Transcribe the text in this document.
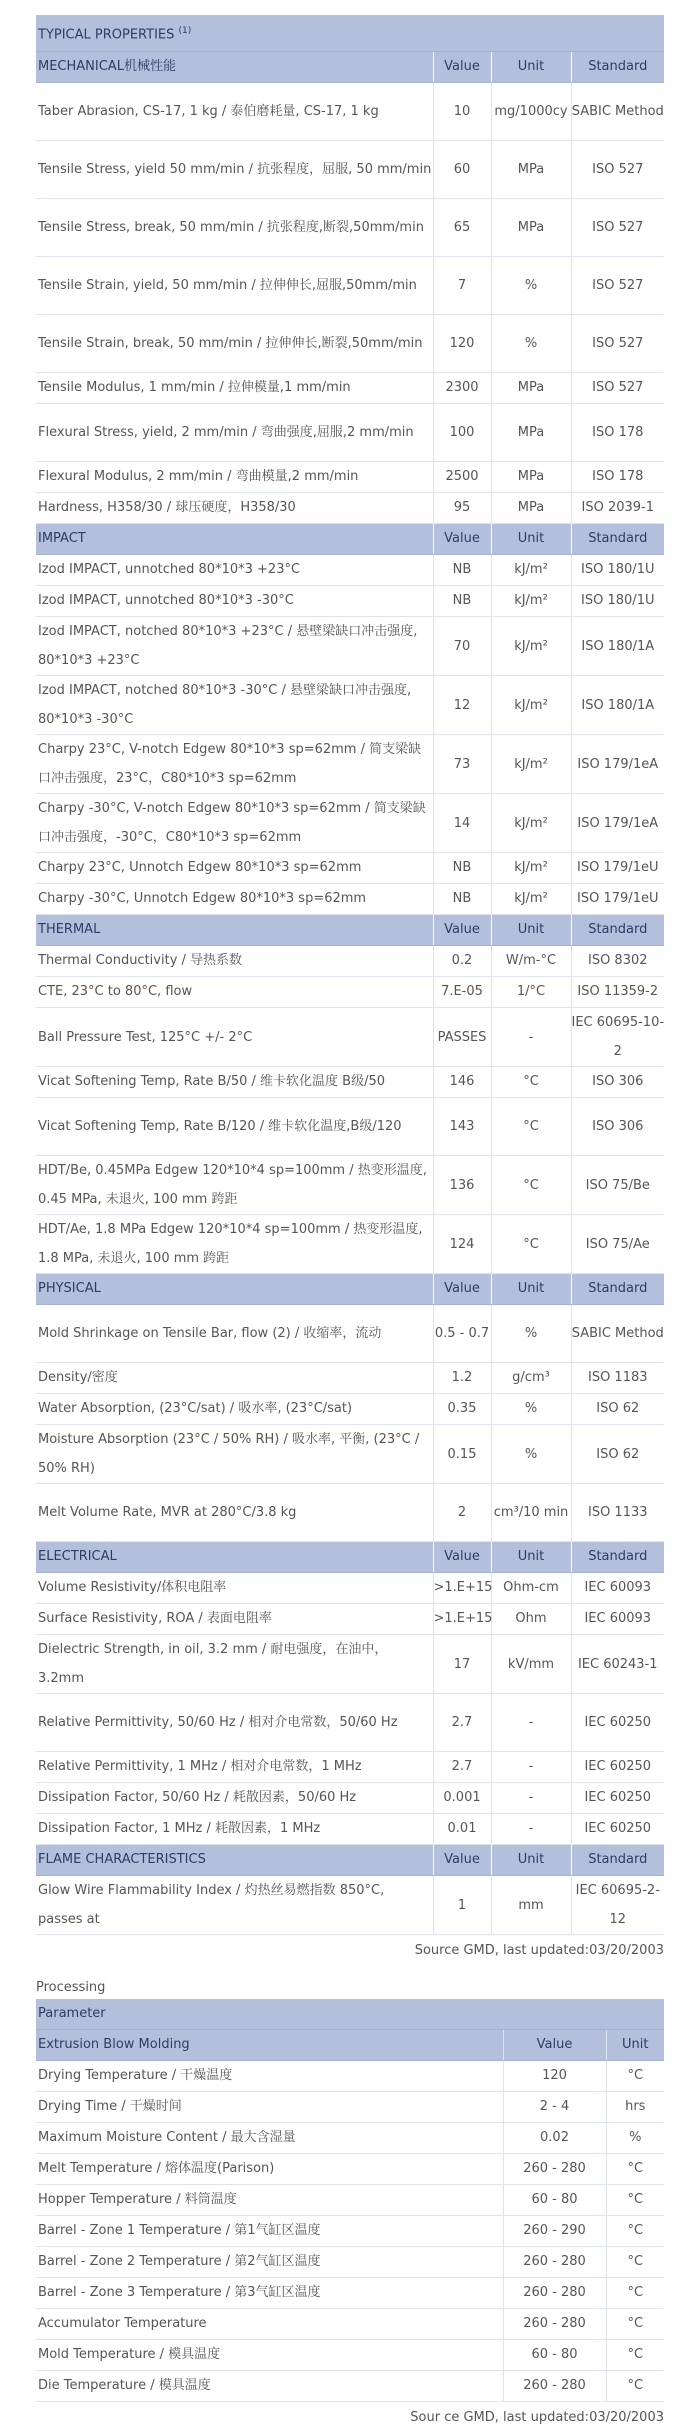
TYPICAL PROPERTIES $^{(1)}$
MECHANICAL机械性能	Value	Unit	Standard
Taber Abrasion, CS-17, 1 kg / 泰伯磨耗量, CS-17, 1 kg	10	mg/1000cy	SABIC Method
Tensile Stress, yield 50 mm/min / 抗张程度，屈服, 50 mm/min	60	MPa	ISO 527
Tensile Stress, break, 50 mm/min / 抗张程度,断裂,50mm/min	65	MPa	ISO 527
Tensile Strain, yield, 50 mm/min / 拉伸伸长,屈服,50mm/min	7	%	ISO 527
Tensile Strain, break, 50 mm/min / 拉伸伸长,断裂,50mm/min	120	%	ISO 527
Tensile Modulus, 1 mm/min / 拉伸模量,1 mm/min	2300	MPa	ISO 527
Flexural Stress, yield, 2 mm/min / 弯曲强度,屈服,2 mm/min	100	MPa	ISO 178
Flexural Modulus, 2 mm/min / 弯曲模量,2 mm/min	2500	MPa	ISO 178
Hardness, H358/30 / 球压硬度，H358/30	95	MPa	ISO 2039-1
IMPACT	Value	Unit	Standard
Izod IMPACT, unnotched 80*10*3 +23°C	NB	kJ/m²	ISO 180/1U
Izod IMPACT, unnotched 80*10*3 -30°C	NB	kJ/m²	ISO 180/1U
Izod IMPACT, notched 80*10*3 +23°C / 悬壁梁缺口冲击强度, 80*10*3 +23°C	70	kJ/m²	ISO 180/1A
Izod IMPACT, notched 80*10*3 -30°C / 悬壁梁缺口冲击强度, 80*10*3 -30°C	12	kJ/m²	ISO 180/1A
Charpy 23°C, V-notch Edgew 80*10*3 sp=62mm / 简支梁缺口冲击强度，23°C，C80*10*3 sp=62mm	73	kJ/m²	ISO 179/1eA
Charpy -30°C, V-notch Edgew 80*10*3 sp=62mm / 简支梁缺口冲击强度，-30°C，C80*10*3 sp=62mm	14	kJ/m²	ISO 179/1eA
Charpy 23°C, Unnotch Edgew 80*10*3 sp=62mm	NB	kJ/m²	ISO 179/1eU
Charpy -30°C, Unnotch Edgew 80*10*3 sp=62mm	NB	kJ/m²	ISO 179/1eU
THERMAL	Value	Unit	Standard
Thermal Conductivity / 导热系数	0.2	W/m-°C	ISO 8302
CTE, 23°C to 80°C, flow	7.E-05	1/°C	ISO 11359-2
Ball Pressure Test, 125°C +/- 2°C	PASSES	-	IEC 60695-10-2
Vicat Softening Temp, Rate B/50 / 维卡软化温度 B级/50	146	°C	ISO 306
Vicat Softening Temp, Rate B/120 / 维卡软化温度,B级/120	143	°C	ISO 306
HDT/Be, 0.45MPa Edgew 120*10*4 sp=100mm / 热变形温度, 0.45 MPa, 未退火, 100 mm 跨距	136	°C	ISO 75/Be
HDT/Ae, 1.8 MPa Edgew 120*10*4 sp=100mm / 热变形温度, 1.8 MPa, 未退火, 100 mm 跨距	124	°C	ISO 75/Ae
PHYSICAL	Value	Unit	Standard
Mold Shrinkage on Tensile Bar, flow (2) / 收缩率，流动	0.5 - 0.7	%	SABIC Method
Density/密度	1.2	g/cm³	ISO 1183
Water Absorption, (23°C/sat) / 吸水率, (23°C/sat)	0.35	%	ISO 62
Moisture Absorption (23°C / 50% RH) / 吸水率, 平衡, (23°C / 50% RH)	0.15	%	ISO 62
Melt Volume Rate, MVR at 280°C/3.8 kg	2	cm³/10 min	ISO 1133
ELECTRICAL	Value	Unit	Standard
Volume Resistivity/体积电阻率	>1.E+15	Ohm-cm	IEC 60093
Surface Resistivity, ROA / 表面电阻率	>1.E+15	Ohm	IEC 60093
Dielectric Strength, in oil, 3.2 mm / 耐电强度，在油中，3.2mm	17	kV/mm	IEC 60243-1
Relative Permittivity, 50/60 Hz / 相对介电常数，50/60 Hz	2.7	-	IEC 60250
Relative Permittivity, 1 MHz / 相对介电常数，1 MHz	2.7	-	IEC 60250
Dissipation Factor, 50/60 Hz / 耗散因素，50/60 Hz	0.001	-	IEC 60250
Dissipation Factor, 1 MHz / 耗散因素，1 MHz	0.01	-	IEC 60250
FLAME CHARACTERISTICS	Value	Unit	Standard
Glow Wire Flammability Index / 灼热丝易燃指数 850°C, passes at	1	mm	IEC 60695-2-12
Source GMD, last updated:03/20/2003
Processing
Parameter		
Extrusion Blow Molding	Value	Unit
Drying Temperature / 干燥温度	120	°C
Drying Time / 干燥时间	2 - 4	hrs
Maximum Moisture Content / 最大含湿量	0.02	%
Melt Temperature / 熔体温度(Parison)	260 - 280	°C
Hopper Temperature / 料筒温度	60 - 80	°C
Barrel - Zone 1 Temperature / 第1气缸区温度	260 - 290	°C
Barrel - Zone 2 Temperature / 第2气缸区温度	260 - 280	°C
Barrel - Zone 3 Temperature / 第3气缸区温度	260 - 280	°C
Accumulator Temperature	260 - 280	°C
Mold Temperature / 模具温度	60 - 80	°C
Die Temperature / 模具温度	260 - 280	°C
Sour ce GMD, last updated:03/20/2003
